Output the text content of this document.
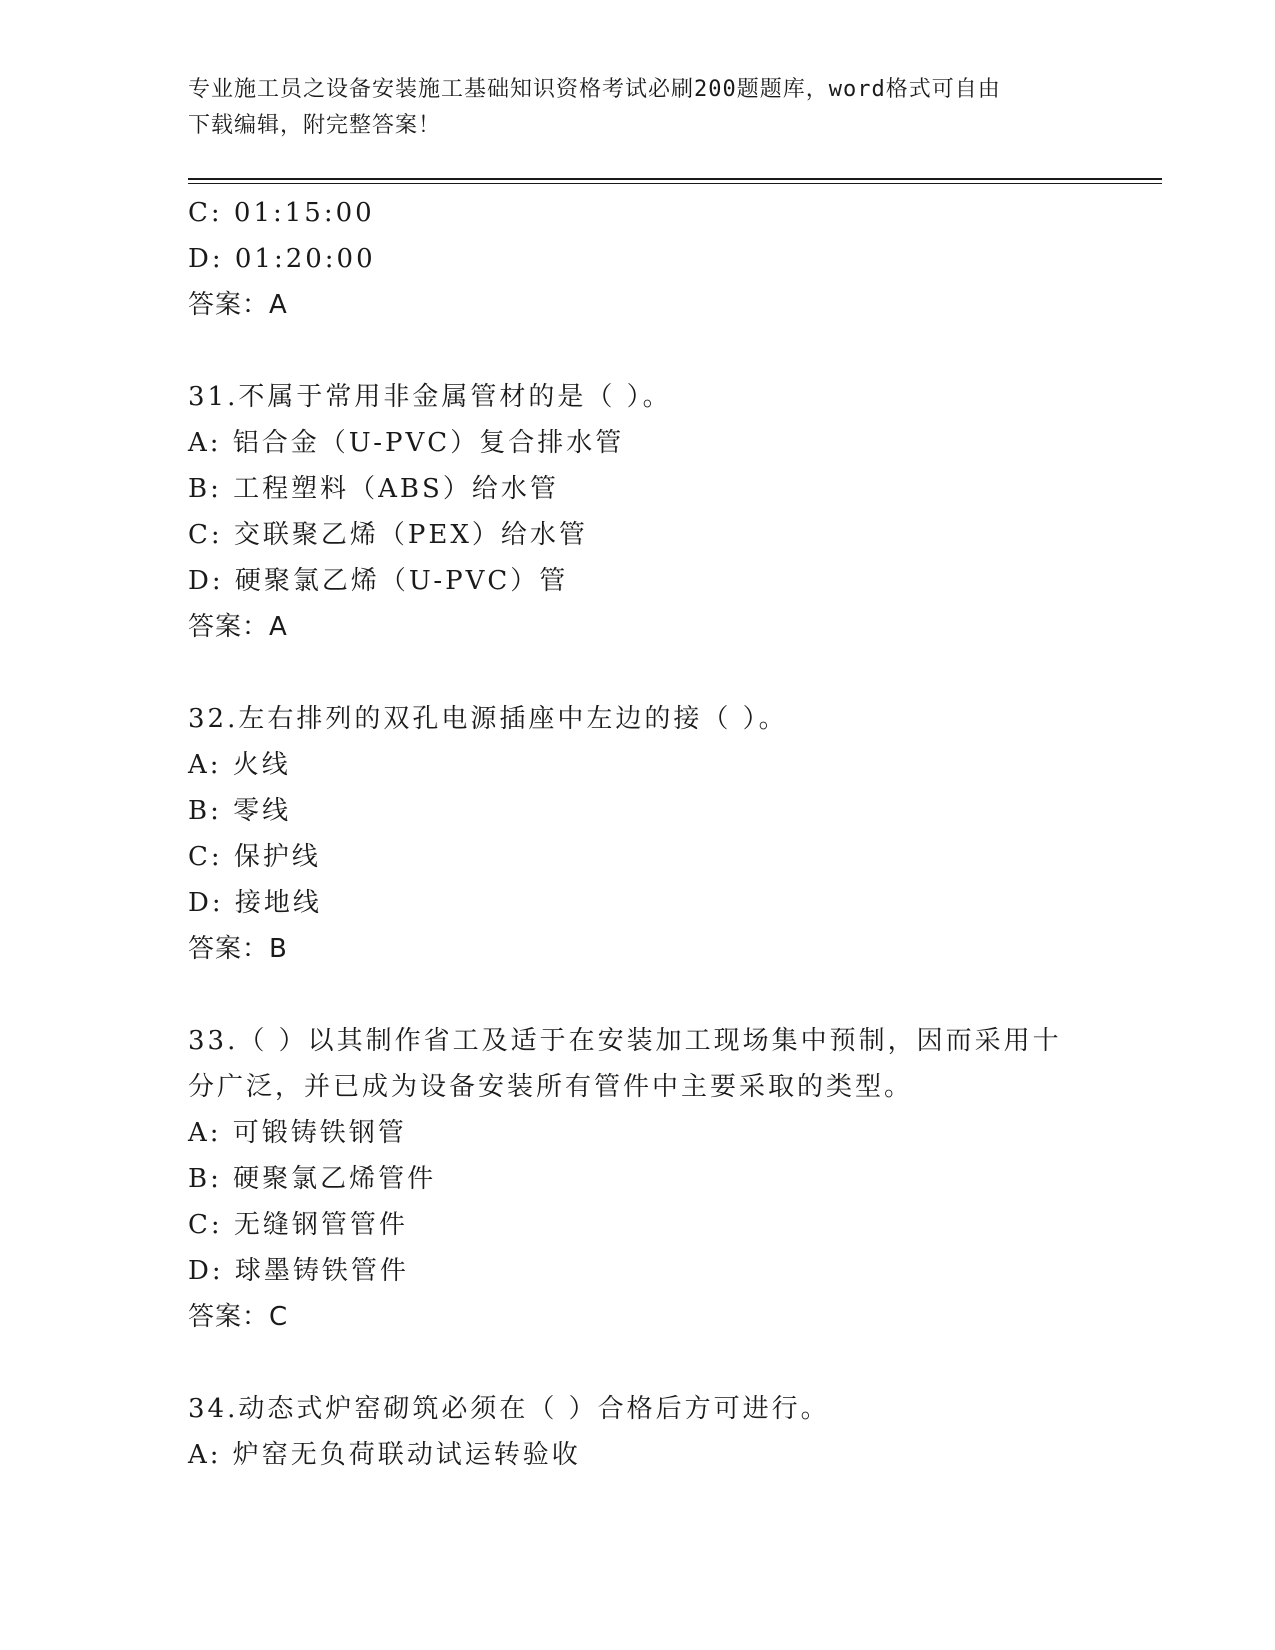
专业施工员之设备安装施工基础知识资格考试必刷200题题库，word格式可自由
下载编辑，附完整答案！
C: 01:15:00
D: 01:20:00
答案：A
31.不属于常用非金属管材的是（ ）。
A: 铝合金（U-PVC）复合排水管
B: 工程塑料（ABS）给水管
C: 交联聚乙烯（PEX）给水管
D: 硬聚氯乙烯（U-PVC）管
答案：A
32.左右排列的双孔电源插座中左边的接（ ）。
A: 火线
B: 零线
C: 保护线
D: 接地线
答案：B
33.（ ）以其制作省工及适于在安装加工现场集中预制，因而采用十
分广泛，并已成为设备安装所有管件中主要采取的类型。
A: 可锻铸铁钢管
B: 硬聚氯乙烯管件
C: 无缝钢管管件
D: 球墨铸铁管件
答案：C
34.动态式炉窑砌筑必须在（ ）合格后方可进行。
A: 炉窑无负荷联动试运转验收
